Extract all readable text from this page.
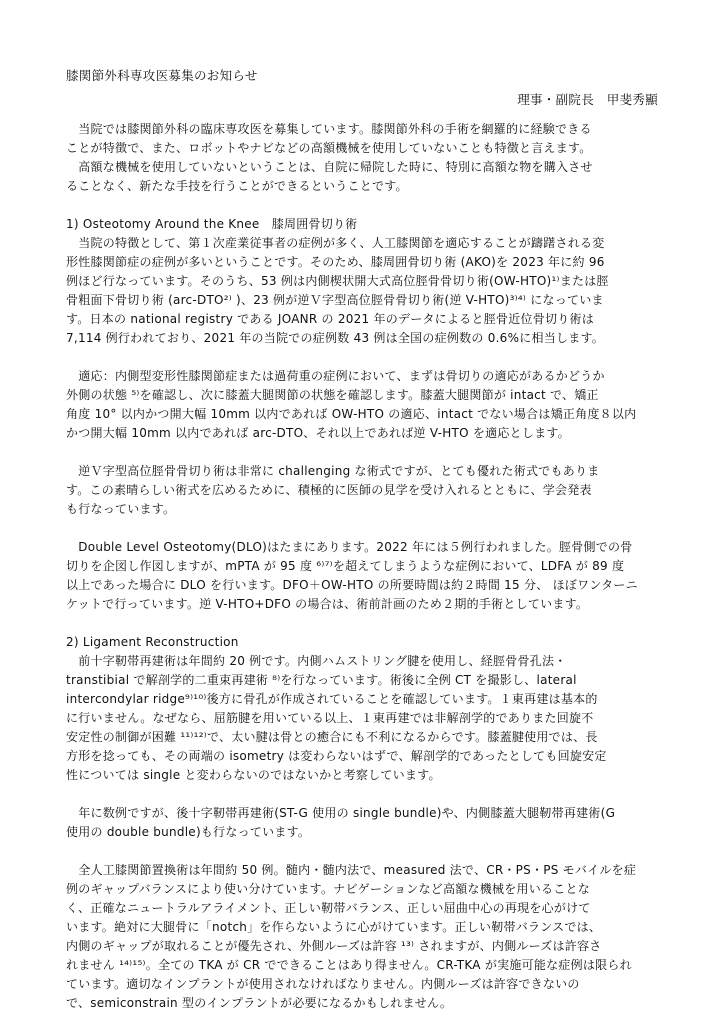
膝関節外科専攻医募集のお知らせ
理事・副院長　甲斐秀顯
　当院では膝関節外科の臨床専攻医を募集しています。膝関節外科の手術を網羅的に経験できる
ことが特徴で、また、ロボットやナビなどの高額機械を使用していないことも特徴と言えます。
　高額な機械を使用していないということは、自院に帰院した時に、特別に高額な物を購入させ
ることなく、新たな手技を行うことができるということです。
1) Osteotomy Around the Knee　膝周囲骨切り術
　当院の特徴として、第１次産業従事者の症例が多く、人工膝関節を適応することが躊躇される変
形性膝関節症の症例が多いということです。そのため、膝周囲骨切り術 (AKO)を 2023 年に約 96
例ほど行なっています。そのうち、53 例は内側楔状開大式高位脛骨骨切り術(OW-HTO)¹⁾または脛
骨粗面下骨切り術 (arc-DTO²⁾ )、23 例が逆Ｖ字型高位脛骨骨切り術(逆 V-HTO)³⁾⁴⁾ になっていま
す。日本の national registry である JOANR の 2021 年のデータによると脛骨近位骨切り術は
7,114 例行われており、2021 年の当院での症例数 43 例は全国の症例数の 0.6%に相当します。
　適応：内側型変形性膝関節症または過荷重の症例において、まずは骨切りの適応があるかどうか
外側の状態 ⁵⁾を確認し、次に膝蓋大腿関節の状態を確認します。膝蓋大腿関節が intact で、矯正
角度 10° 以内かつ開大幅 10mm 以内であれば OW-HTO の適応、intact でない場合は矯正角度８以内
かつ開大幅 10mm 以内であれば arc-DTO、それ以上であれば逆 V-HTO を適応とします。
　逆Ｖ字型高位脛骨骨切り術は非常に challenging な術式ですが、とても優れた術式でもありま
す。この素晴らしい術式を広めるために、積極的に医師の見学を受け入れるとともに、学会発表
も行なっています。
　Double Level Osteotomy(DLO)はたまにあります。2022 年には５例行われました。脛骨側での骨
切りを企図し作図しますが、mPTA が 95 度 ⁶⁾⁷⁾を超えてしまうような症例において、LDFA が 89 度
以上であった場合に DLO を行います。DFO＋OW-HTO の所要時間は約２時間 15 分、 ほぼワンターニ
ケットで行っています。逆 V-HTO+DFO の場合は、術前計画のため２期的手術としています。
2) Ligament Reconstruction
　前十字靭帯再建術は年間約 20 例です。内側ハムストリング腱を使用し、経脛骨骨孔法・
transtibial で解剖学的二重束再建術 ⁸⁾を行なっています。術後に全例 CT を撮影し、lateral
intercondylar ridge⁹⁾¹⁰⁾後方に骨孔が作成されていることを確認しています。１東再建は基本的
に行いません。なぜなら、屈筋腱を用いている以上、１東再建では非解剖学的でありまた回旋不
安定性の制御が困難 ¹¹⁾¹²⁾で、太い腱は骨との癒合にも不利になるからです。膝蓋腱使用では、長
方形を捻っても、その両端の isometry は変わらないはずで、解剖学的であったとしても回旋安定
性については single と変わらないのではないかと考察しています。
　年に数例ですが、後十字靭帯再建術(ST-G 使用の single bundle)や、内側膝蓋大腿靭帯再建術(G
使用の double bundle)も行なっています。
　全人工膝関節置換術は年間約 50 例。髄内・髄内法で、measured 法で、CR・PS・PS モバイルを症
例のギャップバランスにより使い分けています。ナビゲーションなど高額な機械を用いることな
く、正確なニュートラルアライメント、正しい靭帯バランス、正しい屈曲中心の再現を心がけて
います。絶対に大腿骨に「notch」を作らないように心がけています。正しい靭帯バランスでは、
内側のギャップが取れることが優先され、外側ルーズは許容 ¹³⁾ されますが、内側ルーズは許容さ
れません ¹⁴⁾¹⁵⁾。全ての TKA が CR でできることはあり得ません。CR-TKA が実施可能な症例は限られ
ています。適切なインプラントが使用されなければなりません。内側ルーズは許容できないの
で、semiconstrain 型のインプラントが必要になるかもしれません。
